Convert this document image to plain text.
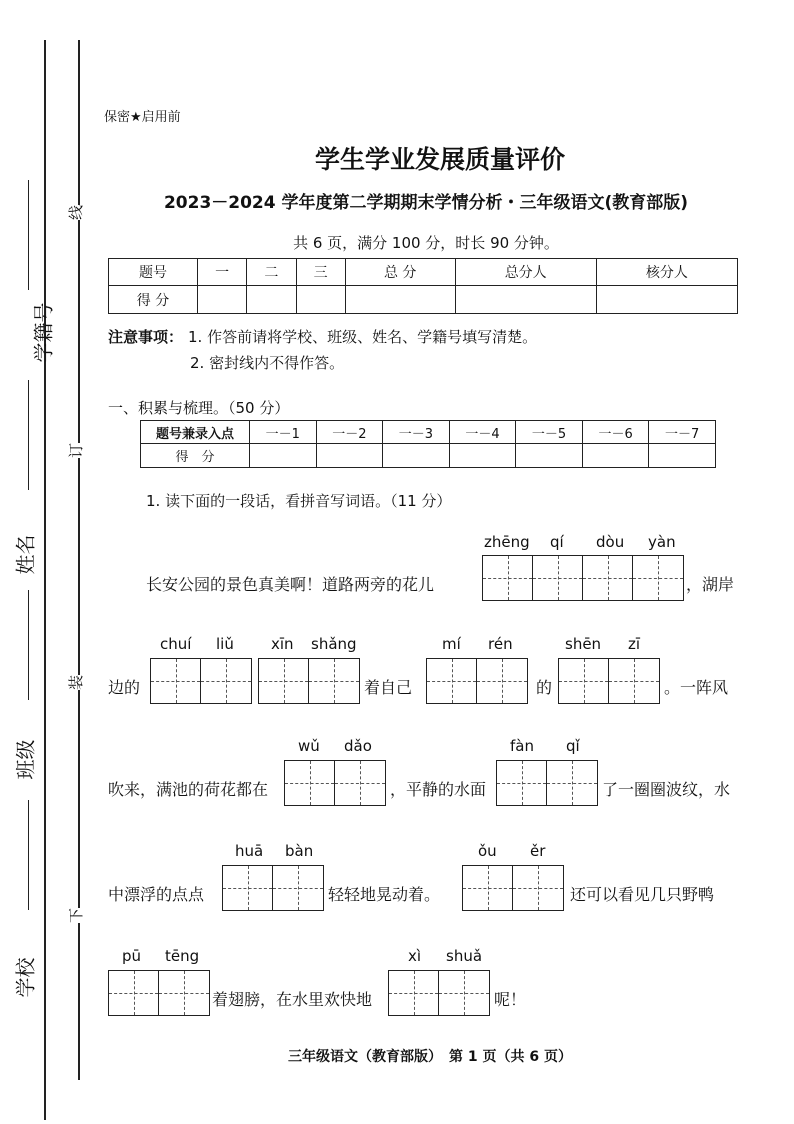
学籍号
姓名
班级
学校
线
订
装
下
保密★启用前
学生学业发展质量评价
2023－2024 学年度第二学期期末学情分析・三年级语文(教育部版)
共 6 页，满分 100 分，时长 90 分钟。
题号	一	二	三	总 分	总分人	核分人
得 分						
注意事项： 1. 作答前请将学校、班级、姓名、学籍号填写清楚。
2. 密封线内不得作答。
一、积累与梳理。（50 分）
题号兼录入点	一－1	一－2	一－3	一－4	一－5	一－6	一－7
得　分							
1. 读下面的一段话，看拼音写词语。（11 分）
zhēng qí dòu yàn
长安公园的景色真美啊！道路两旁的花儿	，湖岸
chuí liǔ xīn shǎng	mí rén	shēn zī
边的	着自己	的	。一阵风
wǔ dǎo	fàn qǐ
吹来，满池的荷花都在	，平静的水面	了一圈圈波纹，水
huā bàn	ǒu ěr
中漂浮的点点	轻轻地晃动着。	还可以看见几只野鸭
pū tēng	xì shuǎ
着翅膀，在水里欢快地	呢！
三年级语文（教育部版）　第 1 页（共 6 页）
